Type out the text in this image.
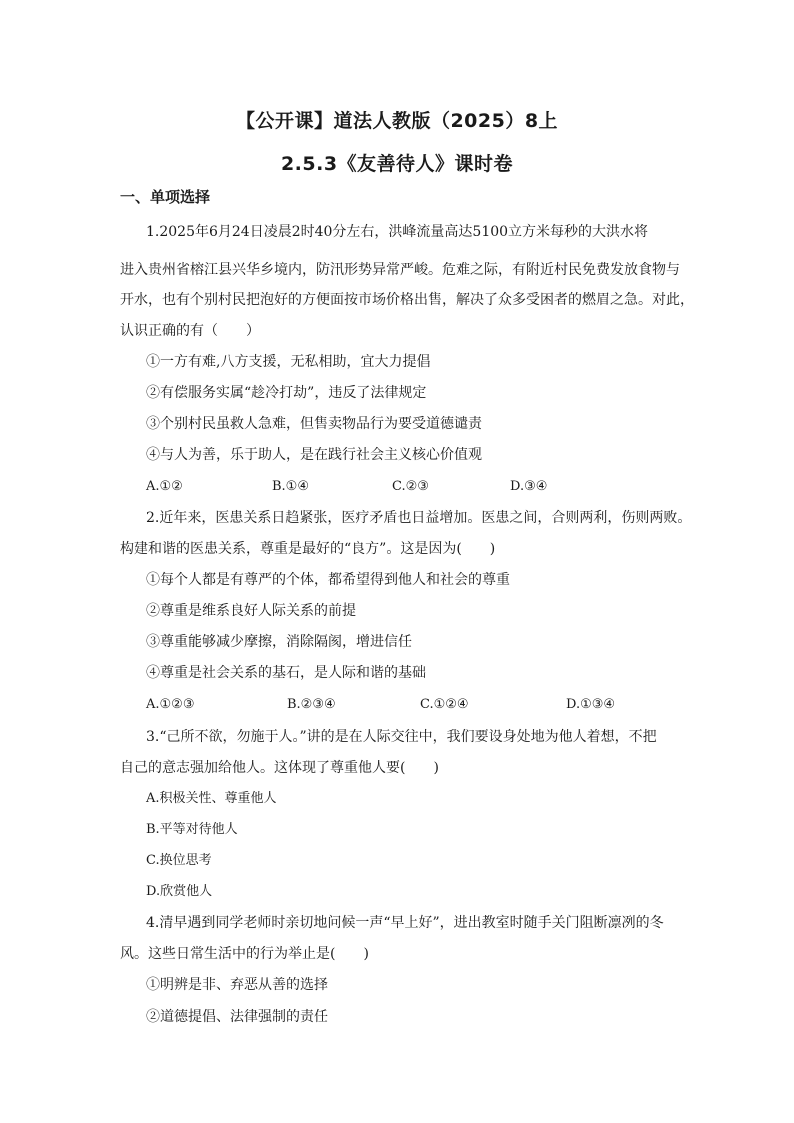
【公开课】道法人教版（2025）8上
2.5.3《友善待人》课时卷
一、单项选择
1.2025年6月24日凌晨2时40分左右，洪峰流量高达5100立方米每秒的大洪水将
进入贵州省榕江县兴华乡境内，防汛形势异常严峻。危难之际，有附近村民免费发放食物与
开水，也有个别村民把泡好的方便面按市场价格出售，解决了众多受困者的燃眉之急。对此，
认识正确的有（　　）
①一方有难,八方支援，无私相助，宜大力提倡
②有偿服务实属“趁冷打劫”，违反了法律规定
③个别村民虽救人急难，但售卖物品行为要受道德谴责
④与人为善，乐于助人，是在践行社会主义核心价值观
A.①②	B.①④	C.②③	D.③④
2.近年来，医患关系日趋紧张，医疗矛盾也日益增加。医患之间，合则两利，伤则两败。
构建和谐的医患关系，尊重是最好的“良方”。这是因为(　　)
①每个人都是有尊严的个体，都希望得到他人和社会的尊重
②尊重是维系良好人际关系的前提
③尊重能够减少摩擦，消除隔阂，增进信任
④尊重是社会关系的基石，是人际和谐的基础
A.①②③	B.②③④	C.①②④	D.①③④
3.“己所不欲，勿施于人。”讲的是在人际交往中，我们要设身处地为他人着想，不把
自己的意志强加给他人。这体现了尊重他人要(　　)
A.积极关性、尊重他人
B.平等对待他人
C.换位思考
D.欣赏他人
4.清早遇到同学老师时亲切地问候一声“早上好”，进出教室时随手关门阻断凛冽的冬
风。这些日常生活中的行为举止是(　　)
①明辨是非、弃恶从善的选择
②道德提倡、法律强制的责任
